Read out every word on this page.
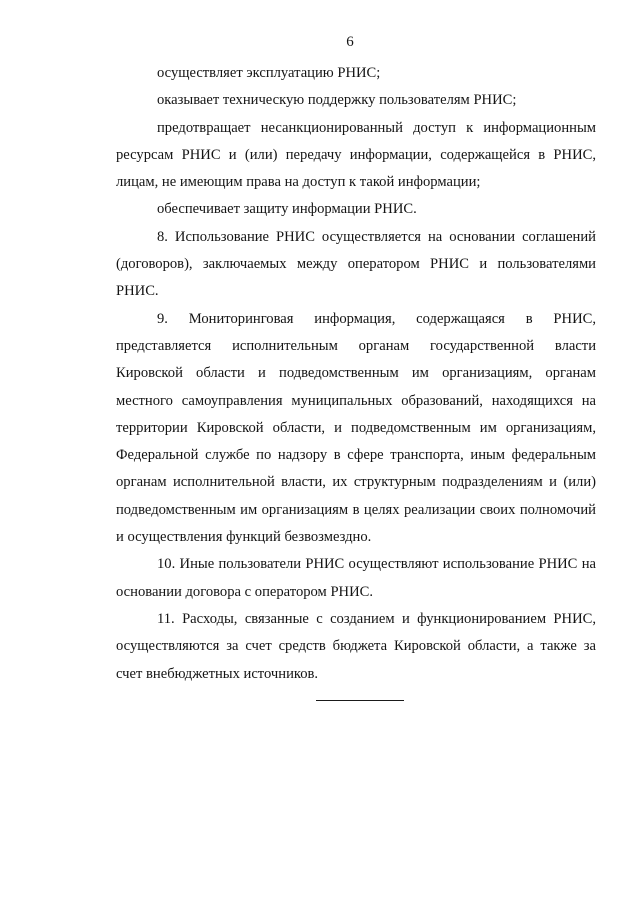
6

осуществляет эксплуатацию РНИС;

оказывает техническую поддержку пользователям РНИС;

предотвращает несанкционированный доступ к информационным ресурсам РНИС и (или) передачу информации, содержащейся в РНИС, лицам, не имеющим права на доступ к такой информации;

обеспечивает защиту информации РНИС.

8. Использование РНИС осуществляется на основании соглашений (договоров), заключаемых между оператором РНИС и пользователями РНИС.

9. Мониторинговая информация, содержащаяся в РНИС, представляется исполнительным органам государственной власти Кировской области и подведомственным им организациям, органам местного самоуправления муниципальных образований, находящихся на территории Кировской области, и подведомственным им организациям, Федеральной службе по надзору в сфере транспорта, иным федеральным органам исполнительной власти, их структурным подразделениям и (или) подведомственным им организациям в целях реализации своих полномочий и осуществления функций безвозмездно.

10. Иные пользователи РНИС осуществляют использование РНИС на основании договора с оператором РНИС.

11. Расходы, связанные с созданием и функционированием РНИС, осуществляются за счет средств бюджета Кировской области, а также за счет внебюджетных источников.
